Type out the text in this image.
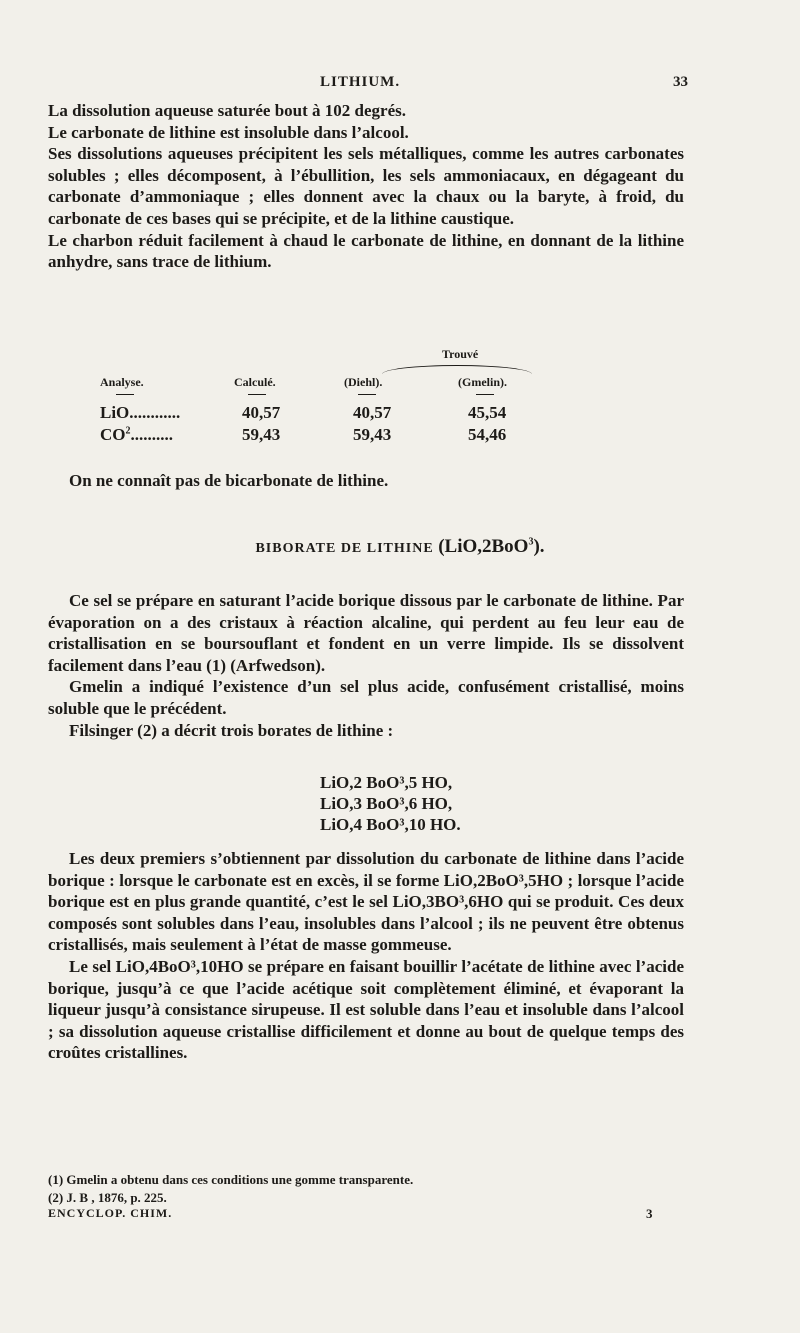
LITHIUM.	33

La dissolution aqueuse saturée bout à 102 degrés.

Le carbonate de lithine est insoluble dans l’alcool.

Ses dissolutions aqueuses précipitent les sels métalliques, comme les autres carbonates solubles ; elles décomposent, à l’ébullition, les sels ammoniacaux, en dégageant du carbonate d’ammoniaque ; elles donnent avec la chaux ou la baryte, à froid, du carbonate de ces bases qui se précipite, et de la lithine caustique.

Le charbon réduit facilement à chaud le carbonate de lithine, en donnant de la lithine anhydre, sans trace de lithium.

Trouvé
Analyse.	Calculé.	(Diehl).	(Gmelin).
LiO............	40,57	40,57	45,54
$CO^2$..........	59,43	59,43	54,46

On ne connaît pas de bicarbonate de lithine.

BIBORATE DE LITHINE (LiO,2BoO$^3$).

Ce sel se prépare en saturant l’acide borique dissous par le carbonate de lithine. Par évaporation on a des cristaux à réaction alcaline, qui perdent au feu leur eau de cristallisation en se boursouflant et fondent en un verre limpide. Ils se dissolvent facilement dans l’eau (1) (Arfwedson).

Gmelin a indiqué l’existence d’un sel plus acide, confusément cristallisé, moins soluble que le précédent.

Filsinger (2) a décrit trois borates de lithine :

LiO,2 BoO³,5 HO,
LiO,3 BoO³,6 HO,
LiO,4 BoO³,10 HO.

Les deux premiers s’obtiennent par dissolution du carbonate de lithine dans l’acide borique : lorsque le carbonate est en excès, il se forme LiO,2BoO³,5HO ; lorsque l’acide borique est en plus grande quantité, c’est le sel LiO,3BO³,6HO qui se produit. Ces deux composés sont solubles dans l’eau, insolubles dans l’alcool ; ils ne peuvent être obtenus cristallisés, mais seulement à l’état de masse gommeuse.

Le sel LiO,4BoO³,10HO se prépare en faisant bouillir l’acétate de lithine avec l’acide borique, jusqu’à ce que l’acide acétique soit complètement éliminé, et évaporant la liqueur jusqu’à consistance sirupeuse. Il est soluble dans l’eau et insoluble dans l’alcool ; sa dissolution aqueuse cristallise difficilement et donne au bout de quelque temps des croûtes cristallines.

(1) Gmelin a obtenu dans ces conditions une gomme transparente.
(2) J. B , 1876, p. 225.
ENCYCLOP. CHIM.	3
